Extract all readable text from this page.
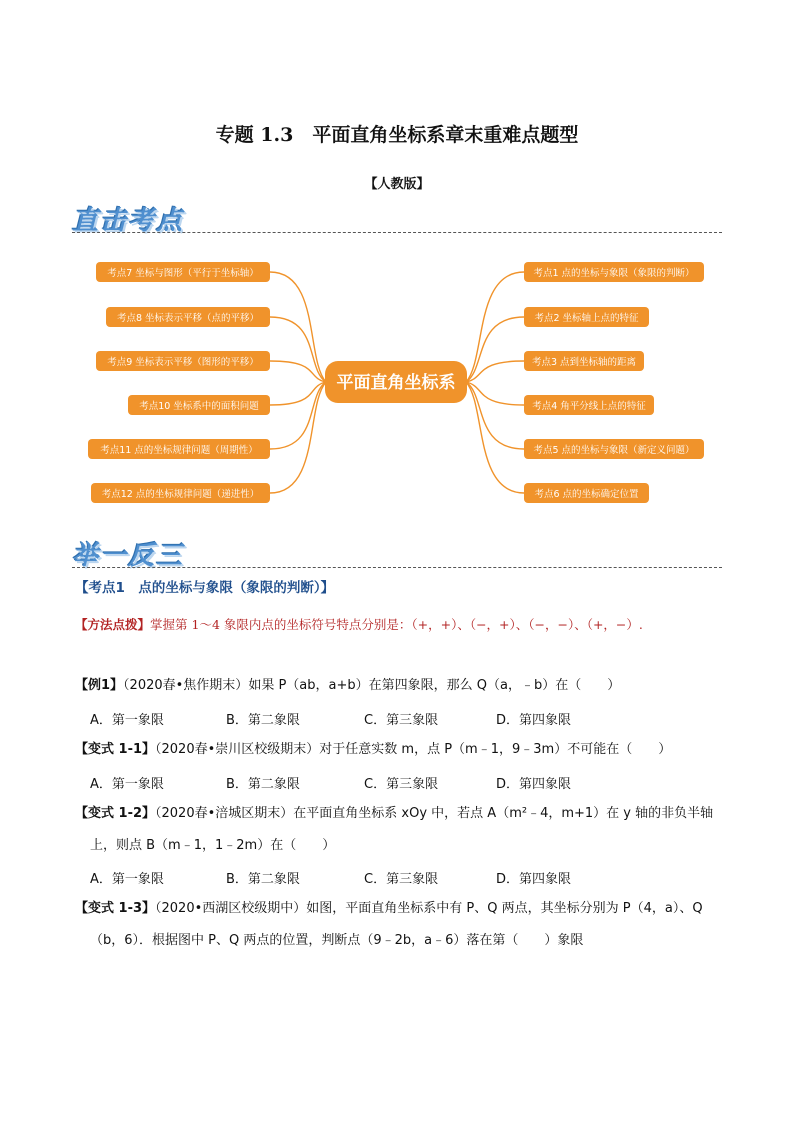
专题 1.3　平面直角坐标系章末重难点题型
【人教版】
直击考点
考点7 坐标与图形（平行于坐标轴）
考点8 坐标表示平移（点的平移）
考点9 坐标表示平移（图形的平移）
考点10 坐标系中的面积问题
考点11 点的坐标规律问题（周期性）
考点12 点的坐标规律问题（递进性）
考点1 点的坐标与象限（象限的判断）
考点2 坐标轴上点的特征
考点3 点到坐标轴的距离
考点4 角平分线上点的特征
考点5 点的坐标与象限（新定义问题）
考点6 点的坐标确定位置
平面直角坐标系
举一反三
【考点1　点的坐标与象限（象限的判断）】
【方法点拨】掌握第 1～4 象限内点的坐标符号特点分别是：（+，+）、（−，+）、（−，−）、（+，−）.
【例1】（2020春•焦作期末）如果 P（ab，a+b）在第四象限，那么 Q（a，﹣b）在（　　）
A．第一象限	B．第二象限	C．第三象限	D．第四象限
【变式 1-1】（2020春•崇川区校级期末）对于任意实数 m，点 P（m﹣1，9﹣3m）不可能在（　　）
A．第一象限	B．第二象限	C．第三象限	D．第四象限
【变式 1-2】（2020春•涪城区期末）在平面直角坐标系 xOy 中，若点 A（m²﹣4，m+1）在 y 轴的非负半轴
上，则点 B（m﹣1，1﹣2m）在（　　）
A．第一象限	B．第二象限	C．第三象限	D．第四象限
【变式 1-3】（2020•西湖区校级期中）如图，平面直角坐标系中有 P、Q 两点，其坐标分别为 P（4，a）、Q
（b，6）．根据图中 P、Q 两点的位置，判断点（9﹣2b，a﹣6）落在第（　　）象限
